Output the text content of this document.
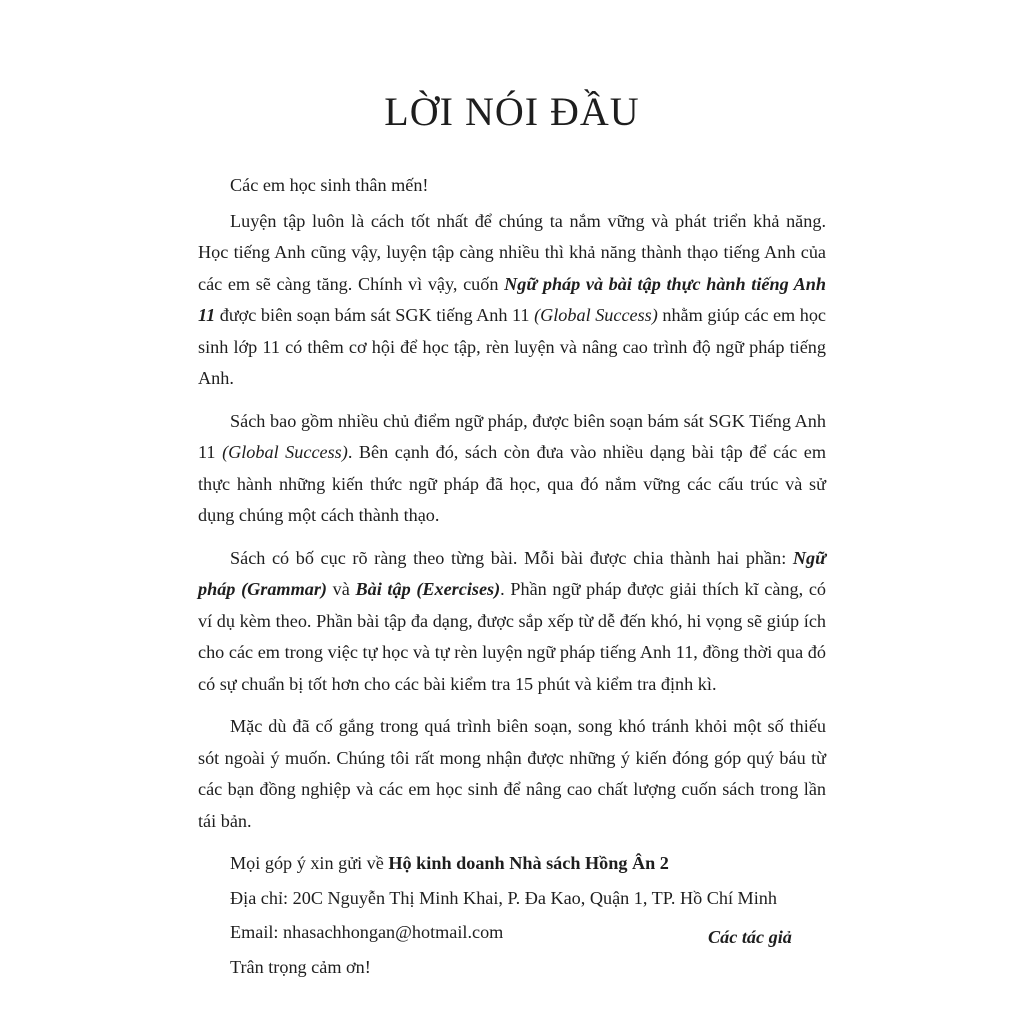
LỜI NÓI ĐẦU

Các em học sinh thân mến!

Luyện tập luôn là cách tốt nhất để chúng ta nắm vững và phát triển khả năng. Học tiếng Anh cũng vậy, luyện tập càng nhiều thì khả năng thành thạo tiếng Anh của các em sẽ càng tăng. Chính vì vậy, cuốn Ngữ pháp và bài tập thực hành tiếng Anh 11 được biên soạn bám sát SGK tiếng Anh 11 (Global Success) nhằm giúp các em học sinh lớp 11 có thêm cơ hội để học tập, rèn luyện và nâng cao trình độ ngữ pháp tiếng Anh.

Sách bao gồm nhiều chủ điểm ngữ pháp, được biên soạn bám sát SGK Tiếng Anh 11 (Global Success). Bên cạnh đó, sách còn đưa vào nhiều dạng bài tập để các em thực hành những kiến thức ngữ pháp đã học, qua đó nắm vững các cấu trúc và sử dụng chúng một cách thành thạo.

Sách có bố cục rõ ràng theo từng bài. Mỗi bài được chia thành hai phần: Ngữ pháp (Grammar) và Bài tập (Exercises). Phần ngữ pháp được giải thích kĩ càng, có ví dụ kèm theo. Phần bài tập đa dạng, được sắp xếp từ dễ đến khó, hi vọng sẽ giúp ích cho các em trong việc tự học và tự rèn luyện ngữ pháp tiếng Anh 11, đồng thời qua đó có sự chuẩn bị tốt hơn cho các bài kiểm tra 15 phút và kiểm tra định kì.

Mặc dù đã cố gắng trong quá trình biên soạn, song khó tránh khỏi một số thiếu sót ngoài ý muốn. Chúng tôi rất mong nhận được những ý kiến đóng góp quý báu từ các bạn đồng nghiệp và các em học sinh để nâng cao chất lượng cuốn sách trong lần tái bản.

Mọi góp ý xin gửi về Hộ kinh doanh Nhà sách Hồng Ân 2

Địa chỉ: 20C Nguyễn Thị Minh Khai, P. Đa Kao, Quận 1, TP. Hồ Chí Minh

Email: nhasachhongan@hotmail.com

Trân trọng cảm ơn!

Các tác giả
